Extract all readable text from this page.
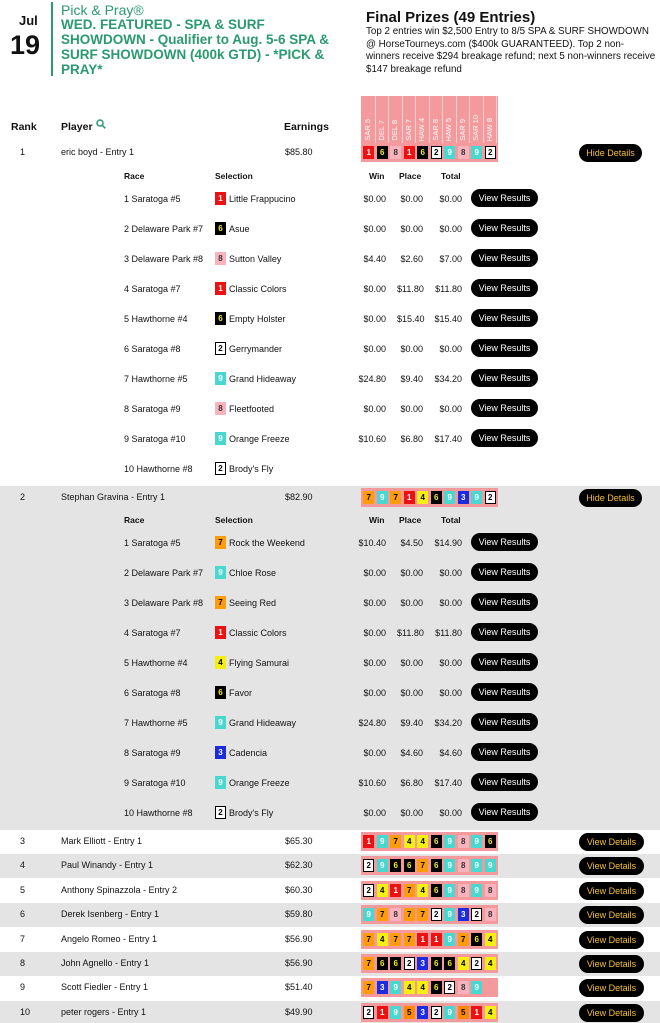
Jul
19
Pick & Pray®
WED. FEATURED - SPA & SURF SHOWDOWN - Qualifier to Aug. 5-6 SPA & SURF SHOWDOWN (400k GTD) - *PICK & PRAY*
Final Prizes (49 Entries)
Top 2 entries win $2,500 Entry to 8/5 SPA & SURF SHOWDOWN @ HorseTourneys.com ($400k GUARANTEED). Top 2 non-winners receive $294 breakage refund; next 5 non-winners receive $147 breakage refund
SAR 5 DEL 7 DEL 8 SAR 7 HAW 4 SAR 8 HAW 5 SAR 9 SAR 10 HAW 8
Rank Player	Earnings
1	eric boyd - Entry 1	$85.80	1	6	8	1	6	2	9	8	9	2	Hide Details
2	Stephan Gravina - Entry 1	$82.90	7	9	7	1	4	6	9	3	9	2	Hide Details
3	Mark Elliott - Entry 1	$65.30	1	9	7	4	4	6	9	8	9	6	View Details
4	Paul Winandy - Entry 1	$62.30	2	9	6	6	7	6	9	8	9	9	View Details
5	Anthony Spinazzola - Entry 2	$60.30	2	4	1	7	4	6	9	8	9	8	View Details
6	Derek Isenberg - Entry 1	$59.80	9	7	8	7	7	2	9	3	2	8	View Details
7	Angelo Romeo - Entry 1	$56.90	7	4	7	7	1	1	9	7	6	4	View Details
8	John Agnello - Entry 1	$56.90	7	6	6	2	3	6	6	4	2	4	View Details
9	Scott Fiedler - Entry 1	$51.40	7	3	9	4	4	6	2	8	9	View Details
10	peter rogers - Entry 1	$49.90	2	1	9	5	3	2	9	5	1	4	View Details
Race	Selection	Win Place Total
1 Saratoga #5	1 Little Frappucino	$0.00	$0.00	$0.00	View Results
2 Delaware Park #7	6 Asue	$0.00	$0.00	$0.00	View Results
3 Delaware Park #8	8 Sutton Valley	$4.40	$2.60	$7.00	View Results
4 Saratoga #7	1 Classic Colors	$0.00 $11.80	$11.80	View Results
5 Hawthorne #4	6 Empty Holster	$0.00 $15.40	$15.40	View Results
6 Saratoga #8	2 Gerrymander	$0.00	$0.00	$0.00	View Results
7 Hawthorne #5	9 Grand Hideaway	$24.80	$9.40	$34.20	View Results
8 Saratoga #9	8 Fleetfooted	$0.00	$0.00	$0.00	View Results
9 Saratoga #10	9 Orange Freeze	$10.60	$6.80	$17.40	View Results
10 Hawthorne #8	2 Brody's Fly
Race	Selection	Win Place Total
1 Saratoga #5	7 Rock the Weekend	$10.40	$4.50	$14.90	View Results
2 Delaware Park #7	9 Chloe Rose	$0.00	$0.00	$0.00	View Results
3 Delaware Park #8	7 Seeing Red	$0.00	$0.00	$0.00	View Results
4 Saratoga #7	1 Classic Colors	$0.00 $11.80	$11.80	View Results
5 Hawthorne #4	4 Flying Samurai	$0.00	$0.00	$0.00	View Results
6 Saratoga #8	6 Favor	$0.00	$0.00	$0.00	View Results
7 Hawthorne #5	9 Grand Hideaway	$24.80	$9.40	$34.20	View Results
8 Saratoga #9	3 Cadencia	$0.00	$4.60	$4.60	View Results
9 Saratoga #10	9 Orange Freeze	$10.60	$6.80	$17.40	View Results
10 Hawthorne #8	2 Brody's Fly	$0.00	$0.00	$0.00	View Results
